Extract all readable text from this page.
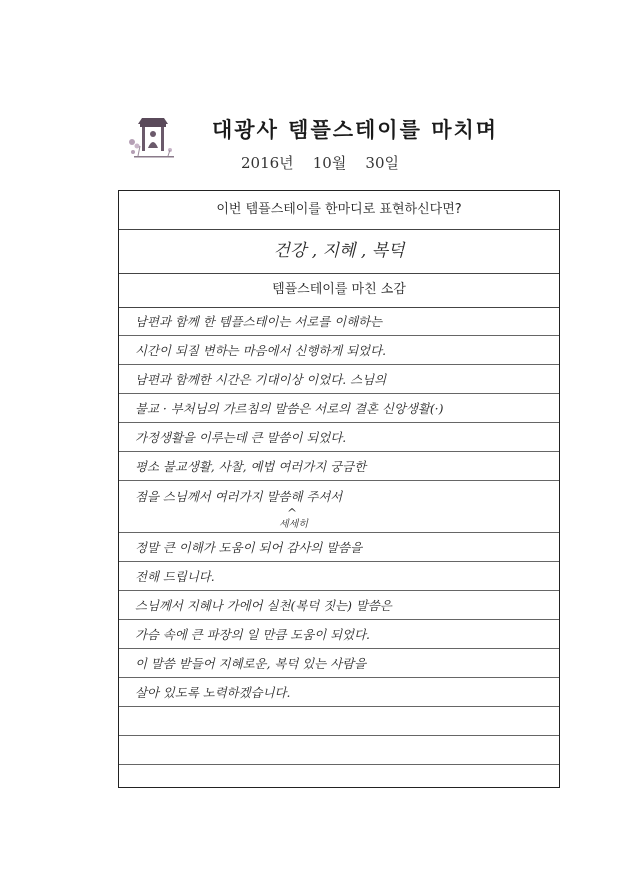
대광사 템플스테이를 마치며
2016년 10월 30일
이번 템플스테이를 한마디로 표현하신다면?
건강 , 지혜 , 복덕
템플스테이를 마친 소감
남편과 함께 한 템플스테이는 서로를 이해하는
시간이 되질 변하는 마음에서 신행하게 되었다.
남편과 함께한 시간은 기대이상 이었다. 스님의
불교 · 부처님의 가르침의 말씀은 서로의 결혼 신앙생활(·)
가정생활을 이루는데 큰 말씀이 되었다.
평소 불교생활, 사찰, 예법 여러가지 궁금한
점을 스님께서 여러가지 말씀해 주셔서
^
세세히
정말 큰 이해가 도움이 되어 감사의 말씀을
전해 드립니다.
스님께서 지혜나 가에어 실천(복덕 짓는) 말씀은
가슴 속에 큰 파장의 일 만큼 도움이 되었다.
이 말씀 받들어 지혜로운, 복덕 있는 사람을
살아 있도록 노력하겠습니다.
